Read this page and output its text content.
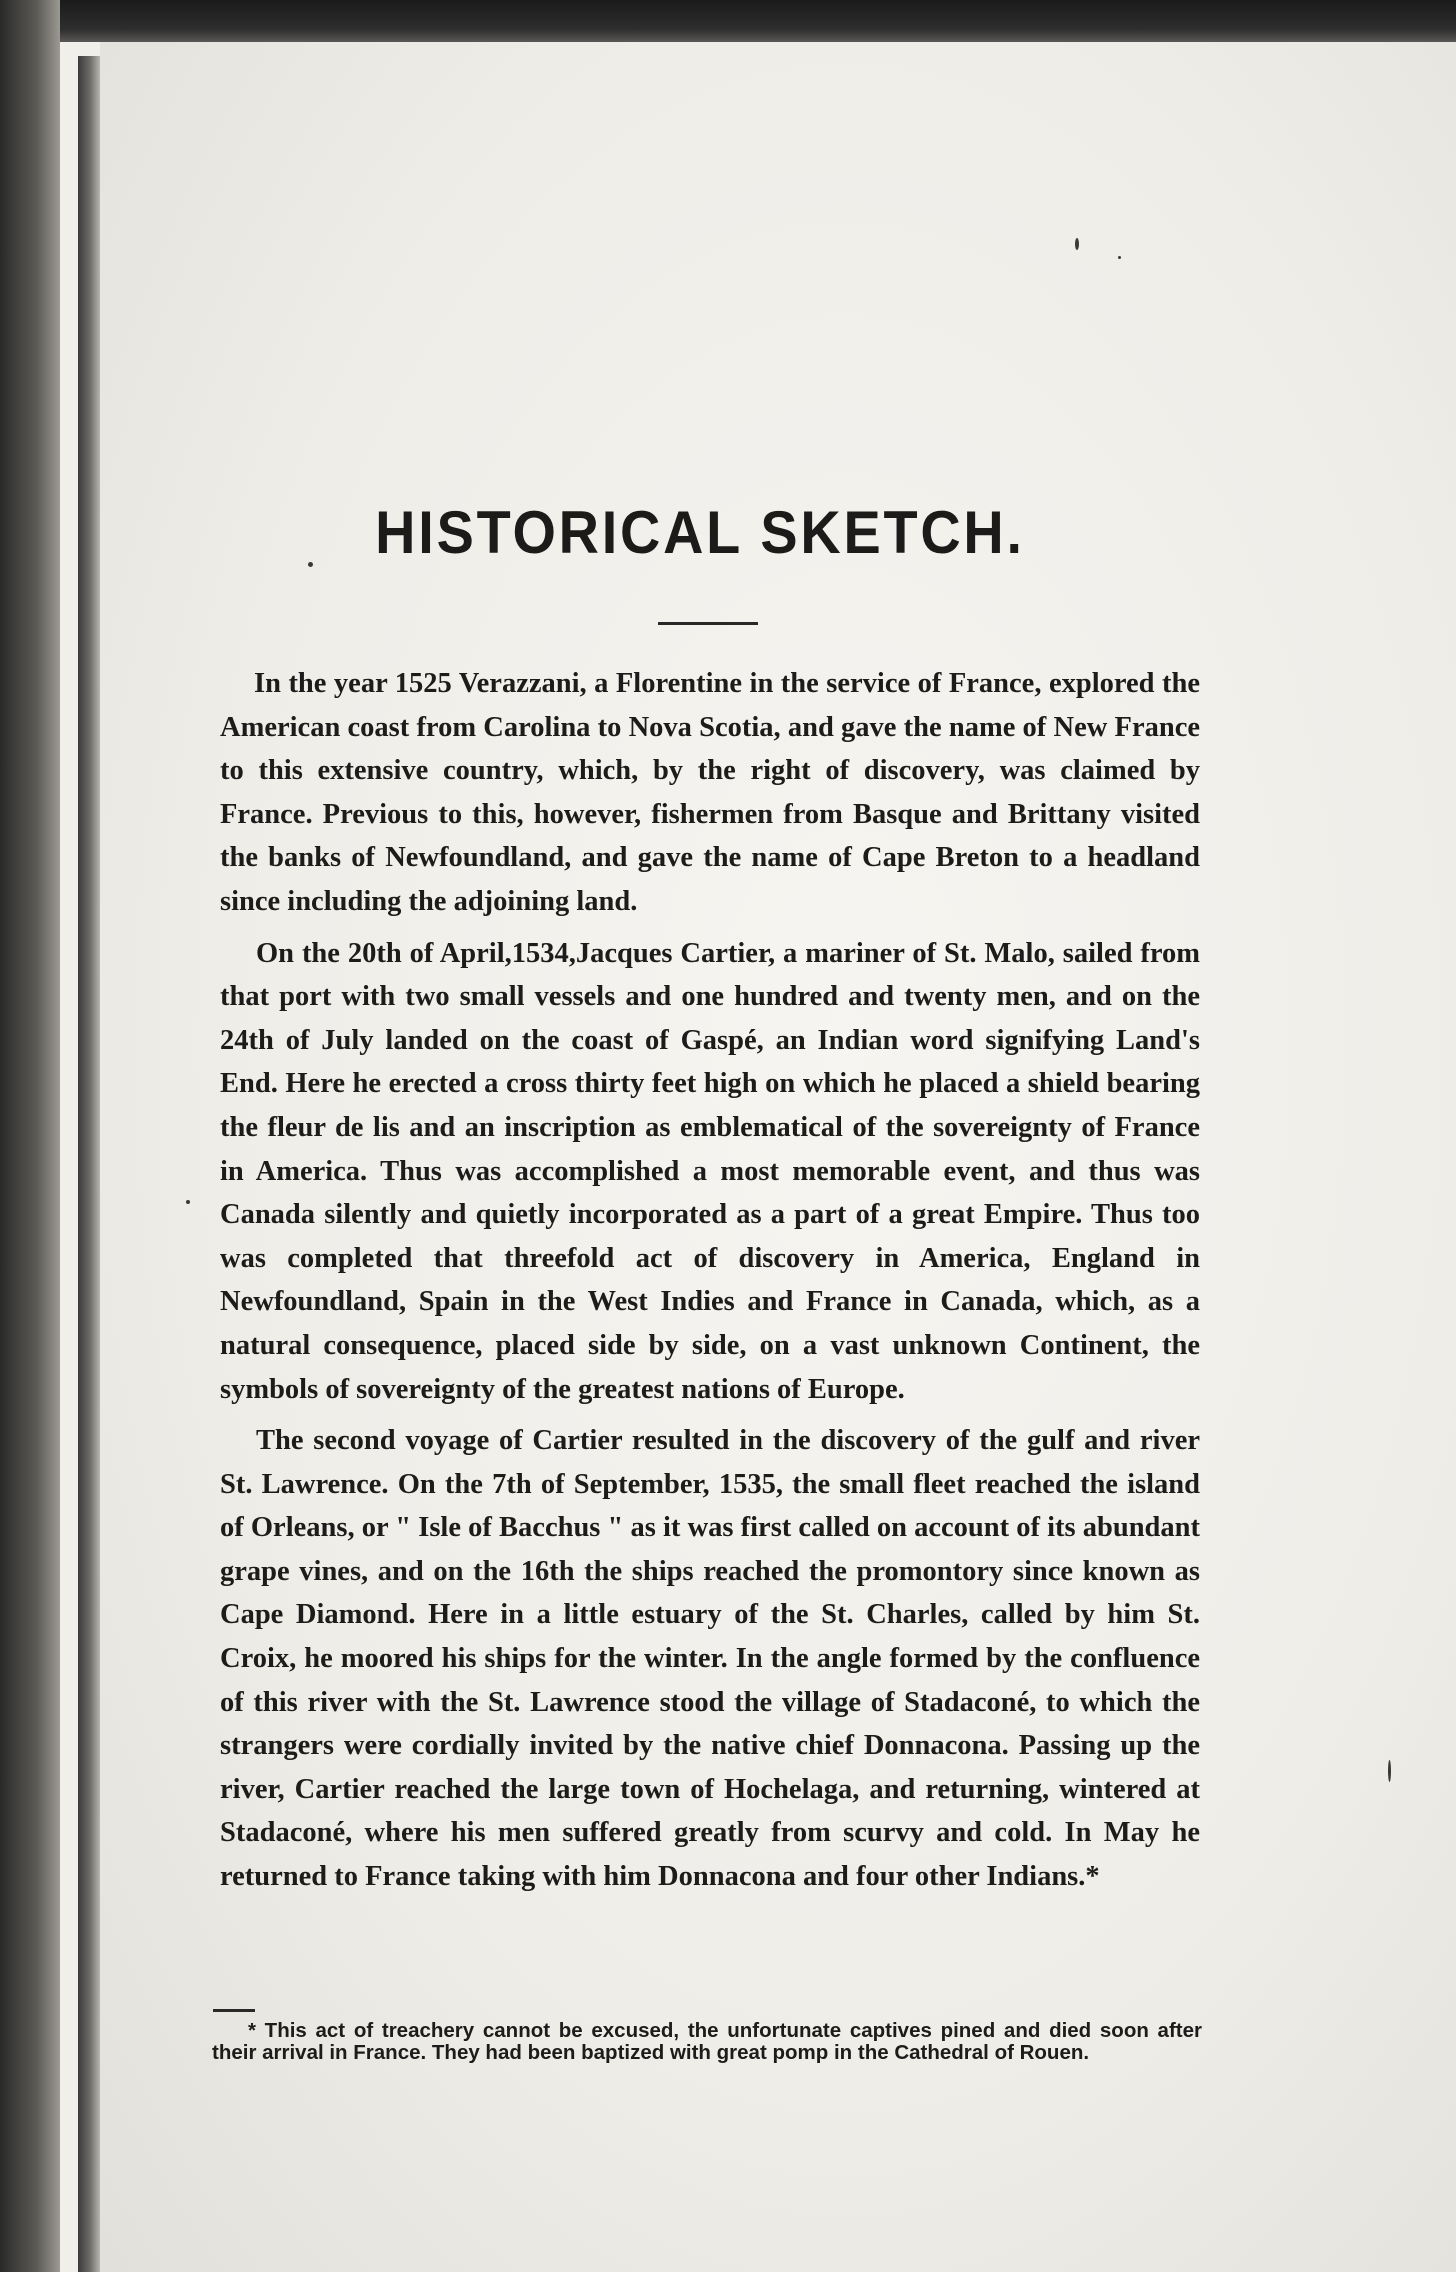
HISTORICAL SKETCH.

In the year 1525 Verazzani, a Florentine in the service of France, explored the American coast from Carolina to Nova Scotia, and gave the name of New France to this extensive country, which, by the right of discovery, was claimed by France. Previous to this, however, fishermen from Basque and Brittany visited the banks of Newfoundland, and gave the name of Cape Breton to a headland since including the adjoining land.

On the 20th of April,1534,Jacques Cartier, a mariner of St. Malo, sailed from that port with two small vessels and one hundred and twenty men, and on the 24th of July landed on the coast of Gaspé, an Indian word signifying Land's End. Here he erected a cross thirty feet high on which he placed a shield bearing the fleur de lis and an inscription as emblematical of the sovereignty of France in America. Thus was accomplished a most memorable event, and thus was Canada silently and quietly incorporated as a part of a great Empire. Thus too was completed that threefold act of discovery in America, England in Newfoundland, Spain in the West Indies and France in Canada, which, as a natural consequence, placed side by side, on a vast unknown Continent, the symbols of sovereignty of the greatest nations of Europe.

The second voyage of Cartier resulted in the discovery of the gulf and river St. Lawrence. On the 7th of September, 1535, the small fleet reached the island of Orleans, or " Isle of Bacchus " as it was first called on account of its abundant grape vines, and on the 16th the ships reached the promontory since known as Cape Diamond. Here in a little estuary of the St. Charles, called by him St. Croix, he moored his ships for the winter. In the angle formed by the confluence of this river with the St. Lawrence stood the village of Stadaconé, to which the strangers were cordially invited by the native chief Donnacona. Passing up the river, Cartier reached the large town of Hochelaga, and returning, wintered at Stadaconé, where his men suffered greatly from scurvy and cold. In May he returned to France taking with him Donnacona and four other Indians.*

* This act of treachery cannot be excused, the unfortunate captives pined and died soon after their arrival in France. They had been baptized with great pomp in the Cathedral of Rouen.
